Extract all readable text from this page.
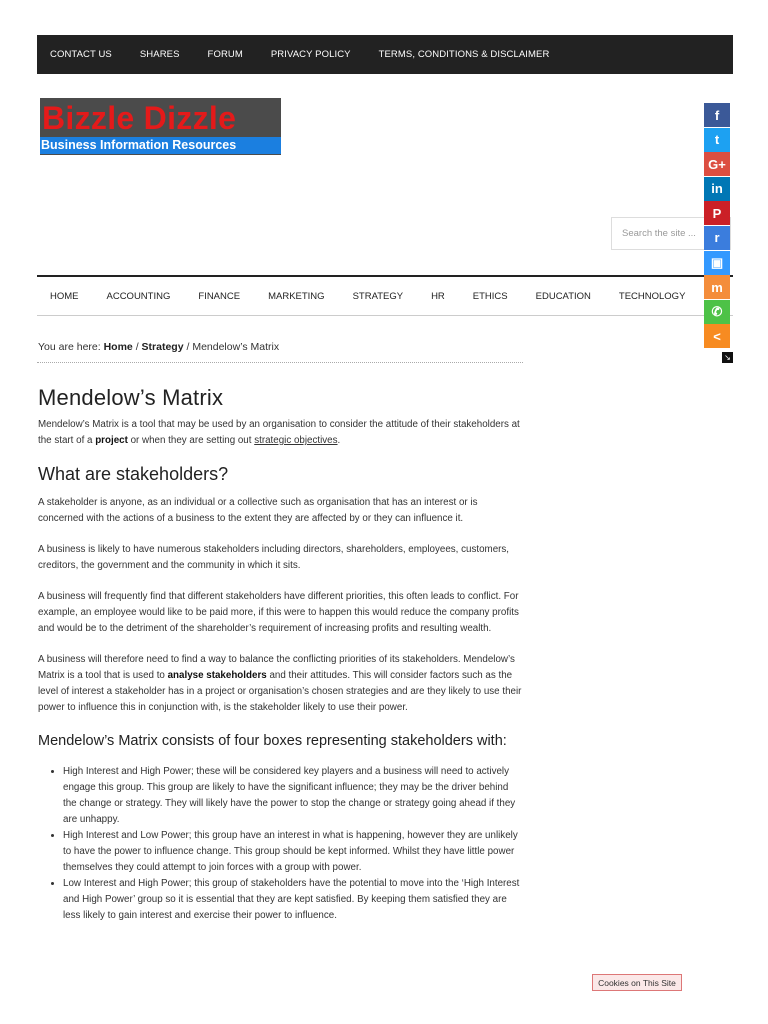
CONTACT US	SHARES	FORUM	PRIVACY POLICY	TERMS, CONDITIONS & DISCLAIMER
Bizzle Dizzle
Business Information Resources
Search the site ...
HOME	ACCOUNTING	FINANCE	MARKETING	STRATEGY	HR	ETHICS	EDUCATION	TECHNOLOGY
f
t
G+
in
P
r
▣
m
✆
<
↘
You are here: Home / Strategy / Mendelow’s Matrix
Mendelow’s Matrix

Mendelow’s Matrix is a tool that may be used by an organisation to consider the attitude of their stakeholders at the start of a project or when they are setting out strategic objectives.

What are stakeholders?

A stakeholder is anyone, as an individual or a collective such as organisation that has an interest or is concerned with the actions of a business to the extent they are affected by or they can influence it.

A business is likely to have numerous stakeholders including directors, shareholders, employees, customers, creditors, the government and the community in which it sits.

A business will frequently find that different stakeholders have different priorities, this often leads to conflict. For example, an employee would like to be paid more, if this were to happen this would reduce the company profits and would be to the detriment of the shareholder’s requirement of increasing profits and resulting wealth.

A business will therefore need to find a way to balance the conflicting priorities of its stakeholders. Mendelow’s Matrix is a tool that is used to analyse stakeholders and their attitudes. This will consider factors such as the level of interest a stakeholder has in a project or organisation’s chosen strategies and are they likely to use their power to influence this in conjunction with, is the stakeholder likely to use their power.

Mendelow’s Matrix consists of four boxes representing stakeholders with:
• High Interest and High Power; these will be considered key players and a business will need to actively engage this group. This group are likely to have the significant influence; they may be the driver behind the change or strategy. They will likely have the power to stop the change or strategy going ahead if they are unhappy.
• High Interest and Low Power; this group have an interest in what is happening, however they are unlikely to have the power to influence change. This group should be kept informed. Whilst they have little power themselves they could attempt to join forces with a group with power.
• Low Interest and High Power; this group of stakeholders have the potential to move into the ‘High Interest and High Power’ group so it is essential that they are kept satisfied. By keeping them satisfied they are less likely to gain interest and exercise their power to influence.
Cookies on This Site
